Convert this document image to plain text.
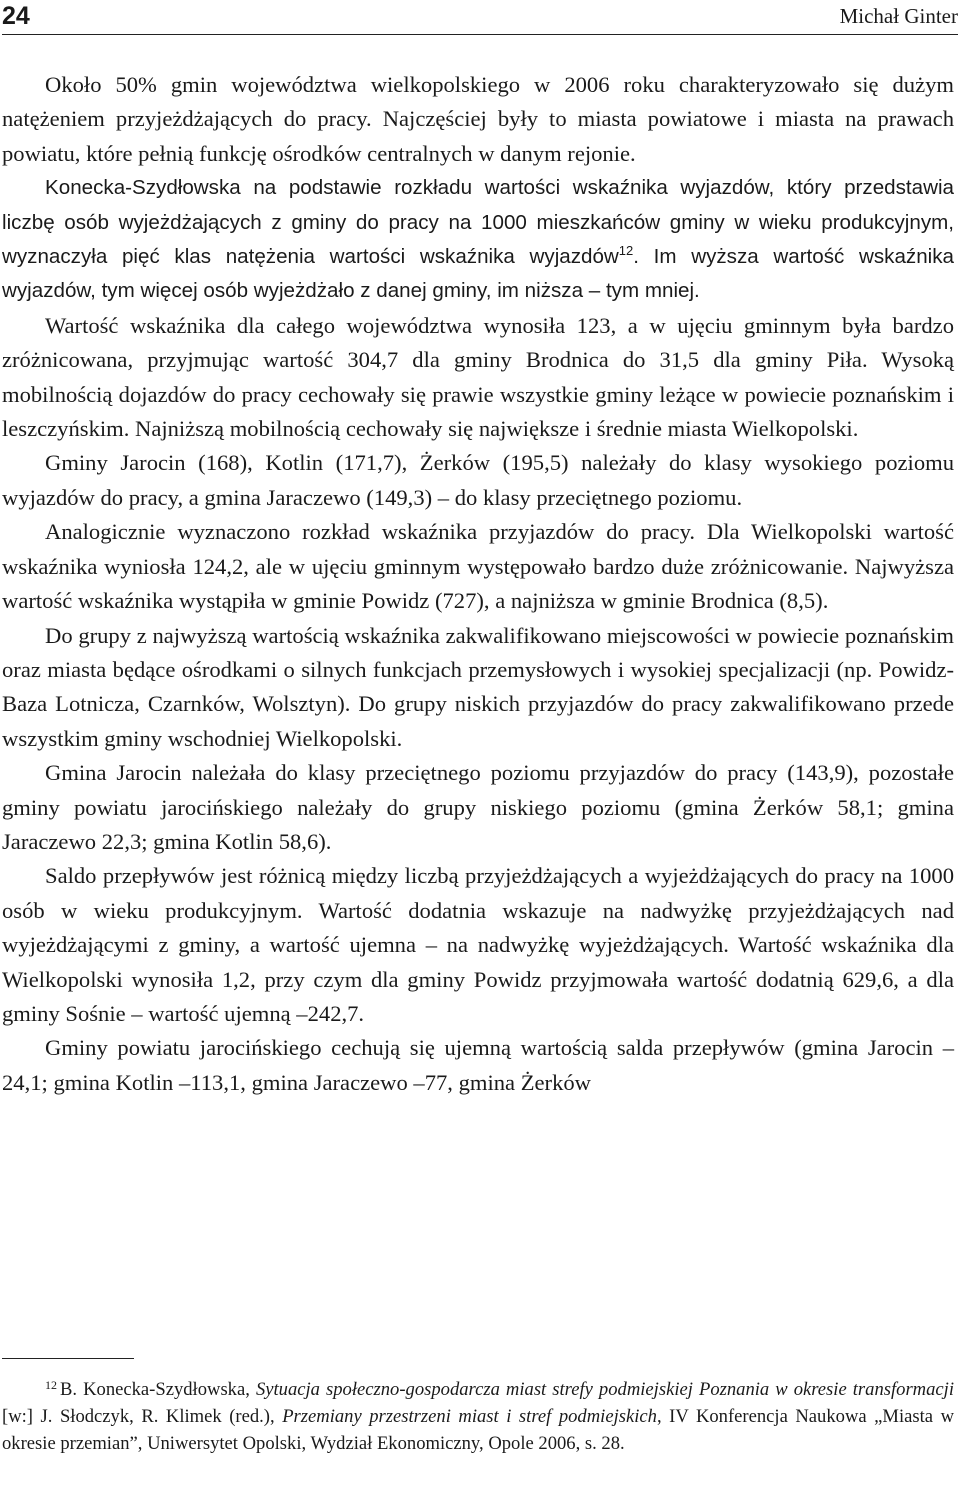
24	Michał Ginter

Około 50% gmin województwa wielkopolskiego w 2006 roku charakteryzowało się dużym natężeniem przyjeżdżających do pracy. Najczęściej były to miasta powiatowe i miasta na prawach powiatu, które pełnią funkcję ośrodków centralnych w danym rejonie.

Konecka-Szydłowska na podstawie rozkładu wartości wskaźnika wyjazdów, który przedstawia liczbę osób wyjeżdżających z gminy do pracy na 1000 mieszkańców gminy w wieku produkcyjnym, wyznaczyła pięć klas natężenia wartości wskaźnika wyjazdów$^{12}$. Im wyższa wartość wskaźnika wyjazdów, tym więcej osób wyjeżdżało z danej gminy, im niższa – tym mniej.

Wartość wskaźnika dla całego województwa wynosiła 123, a w ujęciu gminnym była bardzo zróżnicowana, przyjmując wartość 304,7 dla gminy Brodnica do 31,5 dla gminy Piła. Wysoką mobilnością dojazdów do pracy cechowały się prawie wszystkie gminy leżące w powiecie poznańskim i leszczyńskim. Najniższą mobilnością cechowały się największe i średnie miasta Wielkopolski.

Gminy Jarocin (168), Kotlin (171,7), Żerków (195,5) należały do klasy wysokiego poziomu wyjazdów do pracy, a gmina Jaraczewo (149,3) – do klasy przeciętnego poziomu.

Analogicznie wyznaczono rozkład wskaźnika przyjazdów do pracy. Dla Wielkopolski wartość wskaźnika wyniosła 124,2, ale w ujęciu gminnym występowało bardzo duże zróżnicowanie. Najwyższa wartość wskaźnika wystąpiła w gminie Powidz (727), a najniższa w gminie Brodnica (8,5).

Do grupy z najwyższą wartością wskaźnika zakwalifikowano miejscowości w powiecie poznańskim oraz miasta będące ośrodkami o silnych funkcjach przemysłowych i wysokiej specjalizacji (np. Powidz-Baza Lotnicza, Czarnków, Wolsztyn). Do grupy niskich przyjazdów do pracy zakwalifikowano przede wszystkim gminy wschodniej Wielkopolski.

Gmina Jarocin należała do klasy przeciętnego poziomu przyjazdów do pracy (143,9), pozostałe gminy powiatu jarocińskiego należały do grupy niskiego poziomu (gmina Żerków 58,1; gmina Jaraczewo 22,3; gmina Kotlin 58,6).

Saldo przepływów jest różnicą między liczbą przyjeżdżających a wyjeżdżających do pracy na 1000 osób w wieku produkcyjnym. Wartość dodatnia wskazuje na nadwyżkę przyjeżdżających nad wyjeżdżającymi z gminy, a wartość ujemna – na nadwyżkę wyjeżdżających. Wartość wskaźnika dla Wielkopolski wynosiła 1,2, przy czym dla gminy Powidz przyjmowała wartość dodatnią 629,6, a dla gminy Sośnie – wartość ujemną –242,7.

Gminy powiatu jarocińskiego cechują się ujemną wartością salda przepływów (gmina Jarocin –24,1; gmina Kotlin –113,1, gmina Jaraczewo –77, gmina Żerków

$^{12}$ B. Konecka-Szydłowska, Sytuacja społeczno-gospodarcza miast strefy podmiejskiej Poznania w okresie transformacji [w:] J. Słodczyk, R. Klimek (red.), Przemiany przestrzeni miast i stref podmiejskich, IV Konferencja Naukowa „Miasta w okresie przemian”, Uniwersytet Opolski, Wydział Ekonomiczny, Opole 2006, s. 28.
